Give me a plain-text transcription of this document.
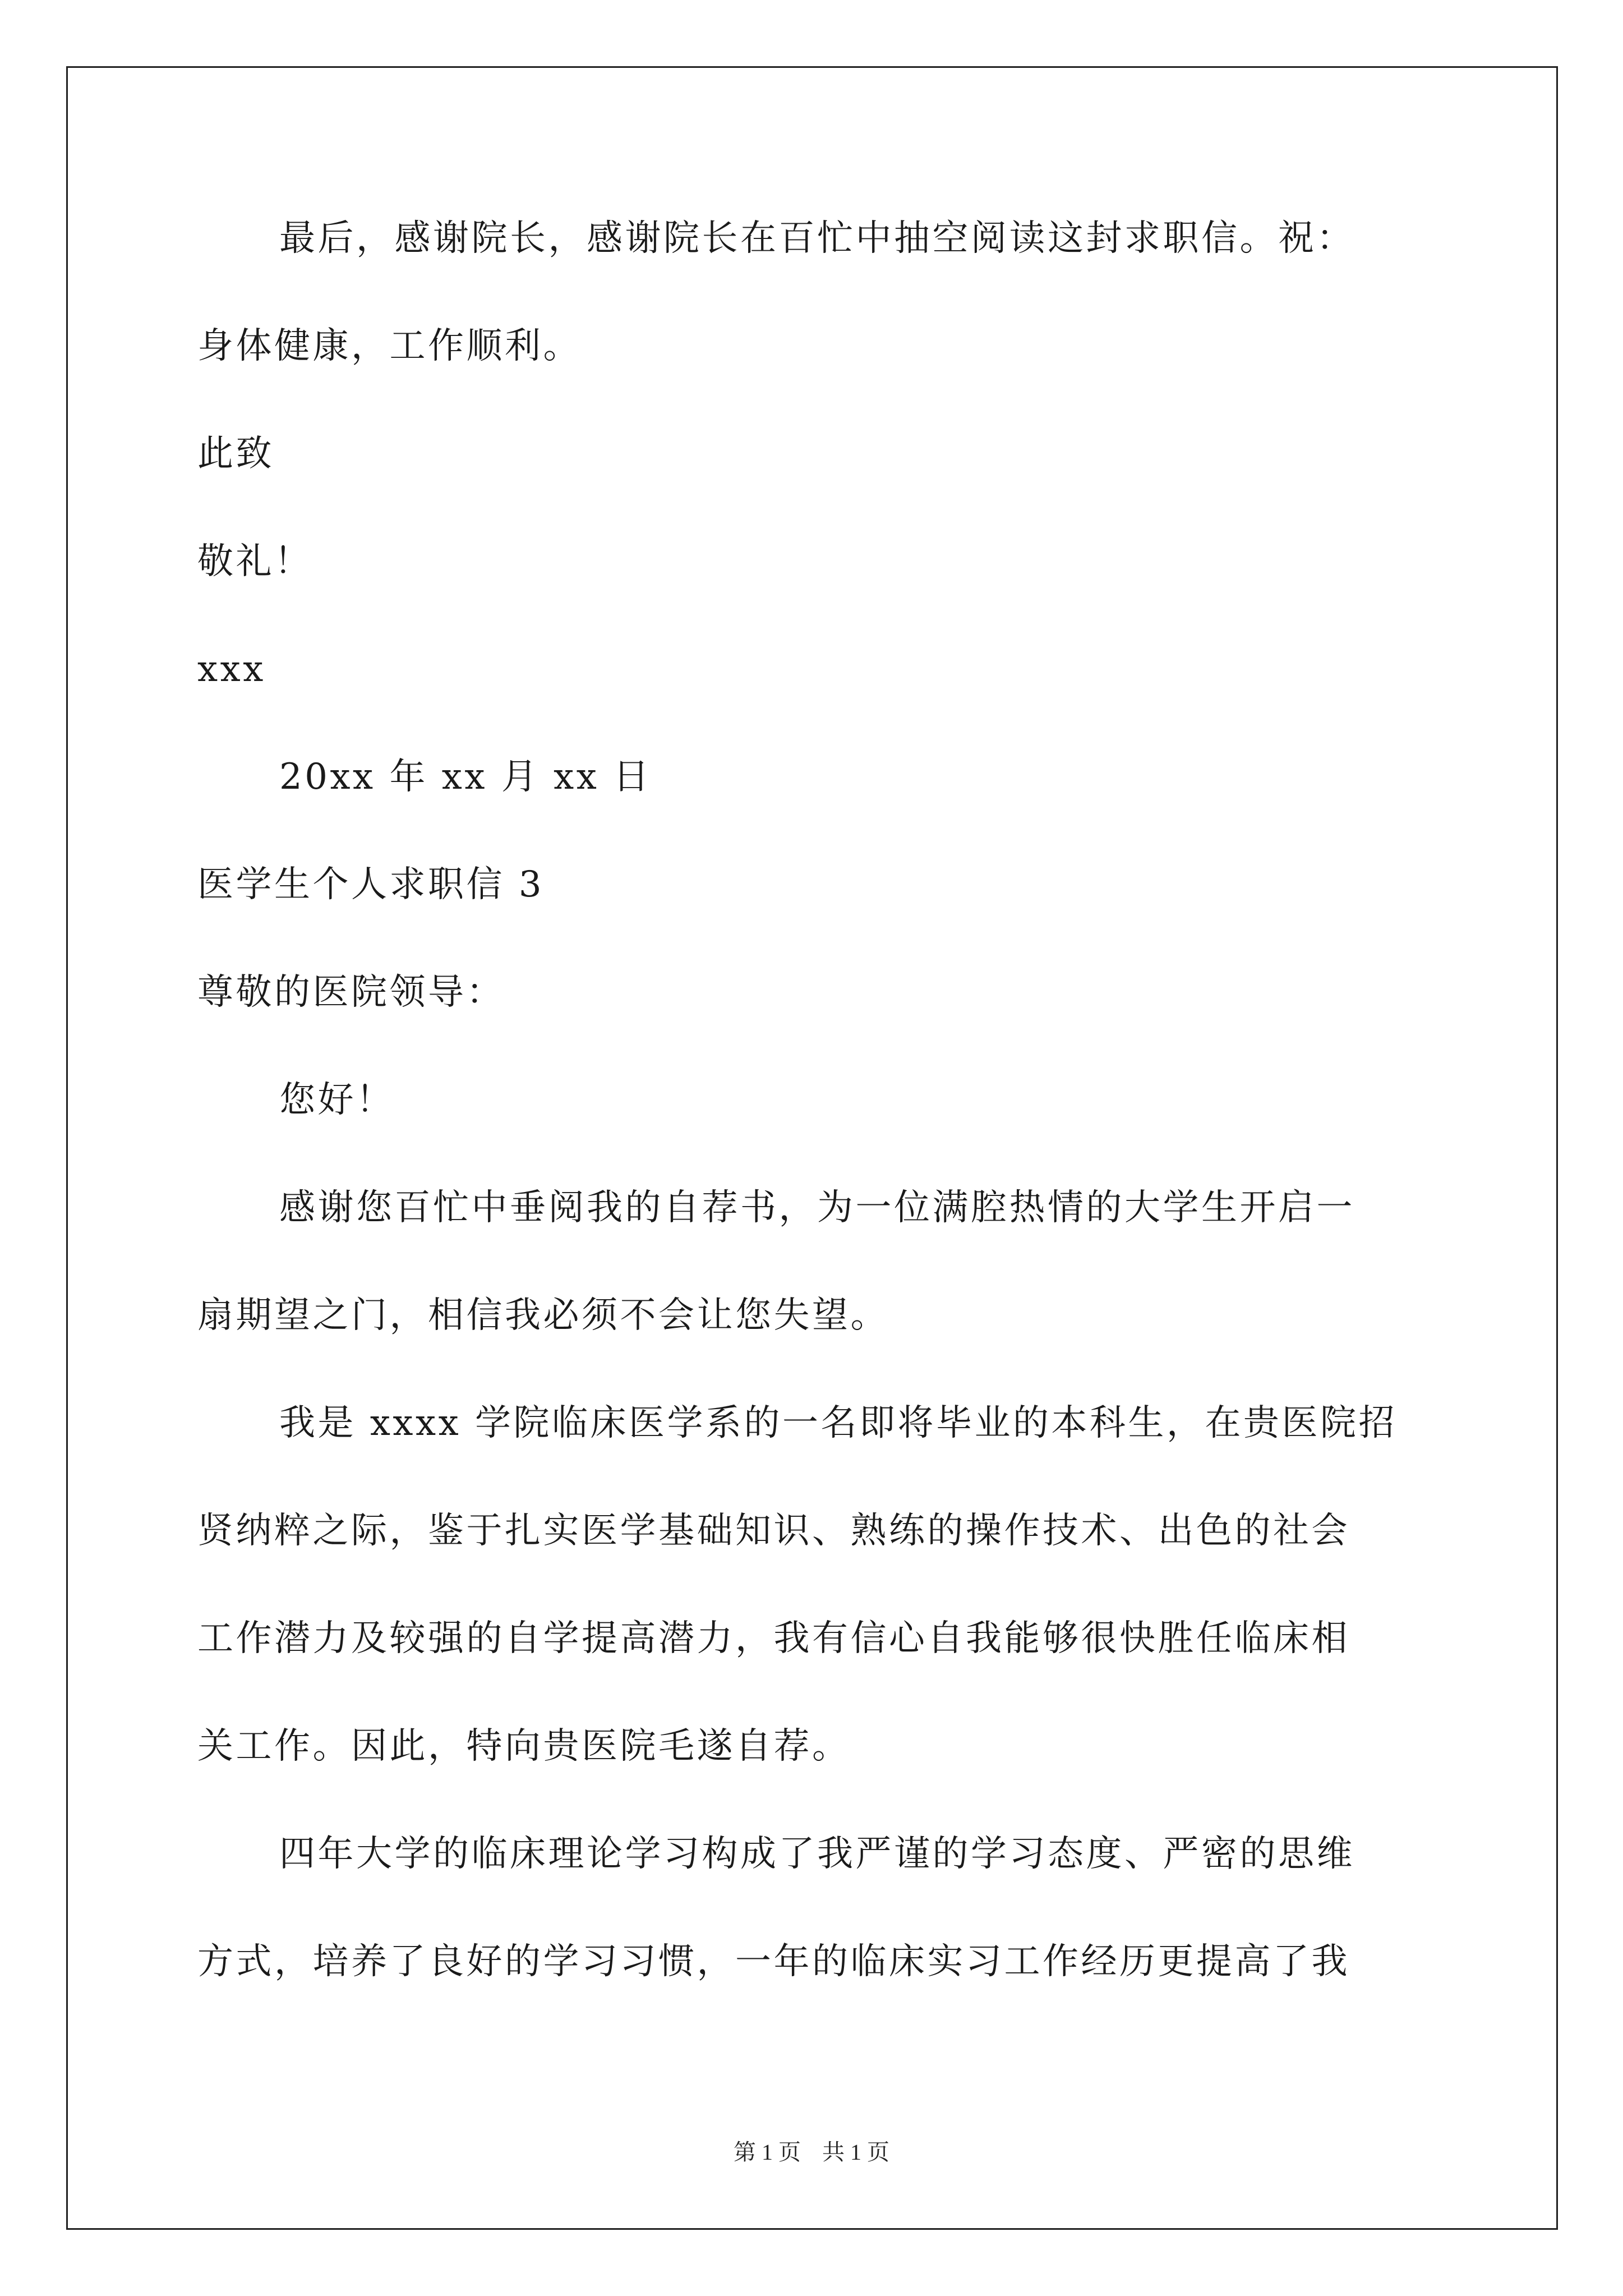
最后，感谢院长，感谢院长在百忙中抽空阅读这封求职信。祝：
身体健康，工作顺利。
此致
敬礼！
xxx
20xx 年 xx 月 xx 日
医学生个人求职信 3
尊敬的医院领导：
您好！
感谢您百忙中垂阅我的自荐书，为一位满腔热情的大学生开启一
扇期望之门，相信我必须不会让您失望。
我是 xxxx 学院临床医学系的一名即将毕业的本科生，在贵医院招
贤纳粹之际，鉴于扎实医学基础知识、熟练的操作技术、出色的社会
工作潜力及较强的自学提高潜力，我有信心自我能够很快胜任临床相
关工作。因此，特向贵医院毛遂自荐。
四年大学的临床理论学习构成了我严谨的学习态度、严密的思维
方式，培养了良好的学习习惯，一年的临床实习工作经历更提高了我
第 1 页 共 1 页
